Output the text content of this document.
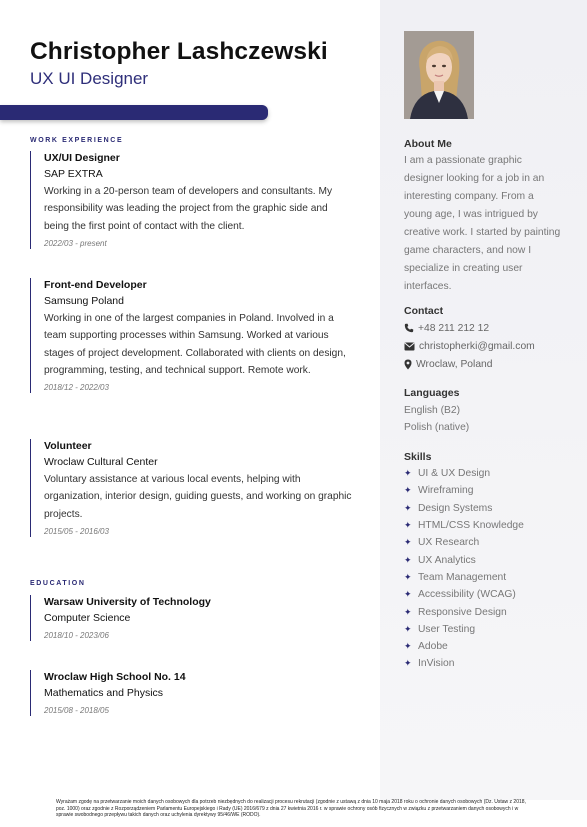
Christopher Lashczewski
UX UI Designer
WORK EXPERIENCE
UX/UI Designer
SAP EXTRA
Working in a 20-person team of developers and consultants. My responsibility was leading the project from the graphic side and being the first point of contact with the client.
2022/03 - present
Front-end Developer
Samsung Poland
Working in one of the largest companies in Poland. Involved in a team supporting processes within Samsung. Worked at various stages of project development. Collaborated with clients on design, programming, testing, and technical support. Remote work.
2018/12 - 2022/03
Volunteer
Wroclaw Cultural Center
Voluntary assistance at various local events, helping with organization, interior design, guiding guests, and working on graphic projects.
2015/05 - 2016/03
EDUCATION
Warsaw University of Technology
Computer Science
2018/10 - 2023/06
Wroclaw High School No. 14
Mathematics and Physics
2015/08 - 2018/05
About Me
I am a passionate graphic designer looking for a job in an interesting company. From a young age, I was intrigued by creative work. I started by painting game characters, and now I specialize in creating user interfaces.
Contact
+48 211 212 12
christopherki@gmail.com
Wroclaw, Poland
Languages
English (B2)
Polish (native)
Skills
✦ UI & UX Design
✦ Wireframing
✦ Design Systems
✦ HTML/CSS Knowledge
✦ UX Research
✦ UX Analytics
✦ Team Management
✦ Accessibility (WCAG)
✦ Responsive Design
✦ User Testing
✦ Adobe
✦ InVision
Wyrażam zgodę na przetwarzanie moich danych osobowych dla potrzeb niezbędnych do realizacji procesu rekrutacji (zgodnie z ustawą z dnia 10 maja 2018 roku o ochronie danych osobowych (Dz. Ustaw z 2018, poz. 1000) oraz zgodnie z Rozporządzeniem Parlamentu Europejskiego i Rady (UE) 2016/679 z dnia 27 kwietnia 2016 r. w sprawie ochrony osób fizycznych w związku z przetwarzaniem danych osobowych i w sprawie swobodnego przepływu takich danych oraz uchylenia dyrektywy 95/46/WE (RODO).
